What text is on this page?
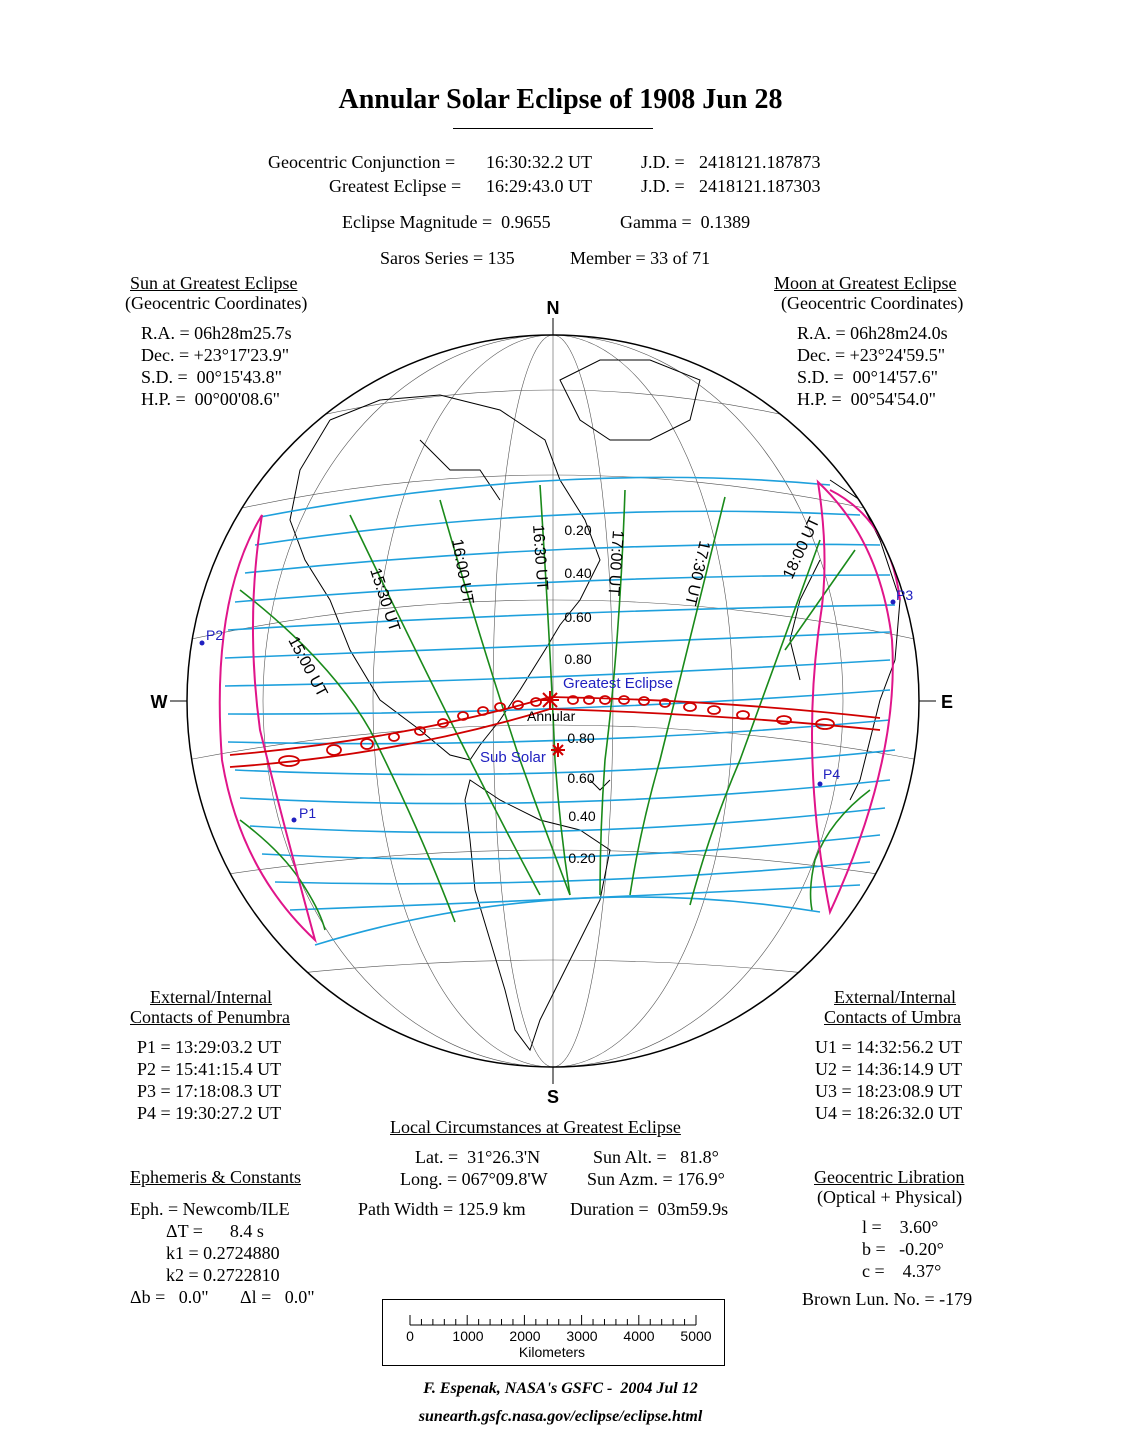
Annular Solar Eclipse of 1908 Jun 28
Geocentric Conjunction = 16:30:32.2 UT	J.D. = 2418121.187873
Greatest Eclipse = 16:29:43.0 UT	J.D. = 2418121.187303
Eclipse Magnitude =  0.9655	Gamma =  0.1389
Saros Series = 135	Member = 33 of 71
Sun at Greatest Eclipse
(Geocentric Coordinates)
R.A. = 06h28m25.7s
Dec. = +23°17'23.9"
S.D. =  00°15'43.8"
H.P. =  00°00'08.6"
Moon at Greatest Eclipse
(Geocentric Coordinates)
R.A. = 06h28m24.0s
Dec. = +23°24'59.5"
S.D. =  00°14'57.6"
H.P. =  00°54'54.0"
N
S
W	E
15:00 UT
15:30 UT	16:00 UT	16:30 UT	17:00 UT	17:30 UT	18:00 UT
0.20
0.40
0.60
0.80
0.80
0.60
0.40
0.20
Greatest Eclipse
Annular
Sub Solar
P1
P2
P3
P4
External/Internal
Contacts of Penumbra
P1 = 13:29:03.2 UT
P2 = 15:41:15.4 UT
P3 = 17:18:08.3 UT
P4 = 19:30:27.2 UT
External/Internal
Contacts of Umbra
U1 = 14:32:56.2 UT
U2 = 14:36:14.9 UT
U3 = 18:23:08.9 UT
U4 = 18:26:32.0 UT
Local Circumstances at Greatest Eclipse
Lat. =  31°26.3'N
Long. = 067°09.8'W
Sun Alt. =   81.8°
Sun Azm. = 176.9°
Path Width = 125.9 km Duration =  03m59.9s
Ephemeris & Constants
Eph. = Newcomb/ILE
ΔT =      8.4 s
k1 = 0.2724880
k2 = 0.2722810
Δb =   0.0" Δl =   0.0"
Geocentric Libration
(Optical + Physical)
l =    3.60°
b =   -0.20°
c =    4.37°
Brown Lun. No. = -179
0	1000 2000 3000 4000 5000
Kilometers
F. Espenak, NASA's GSFC -  2004 Jul 12
sunearth.gsfc.nasa.gov/eclipse/eclipse.html
